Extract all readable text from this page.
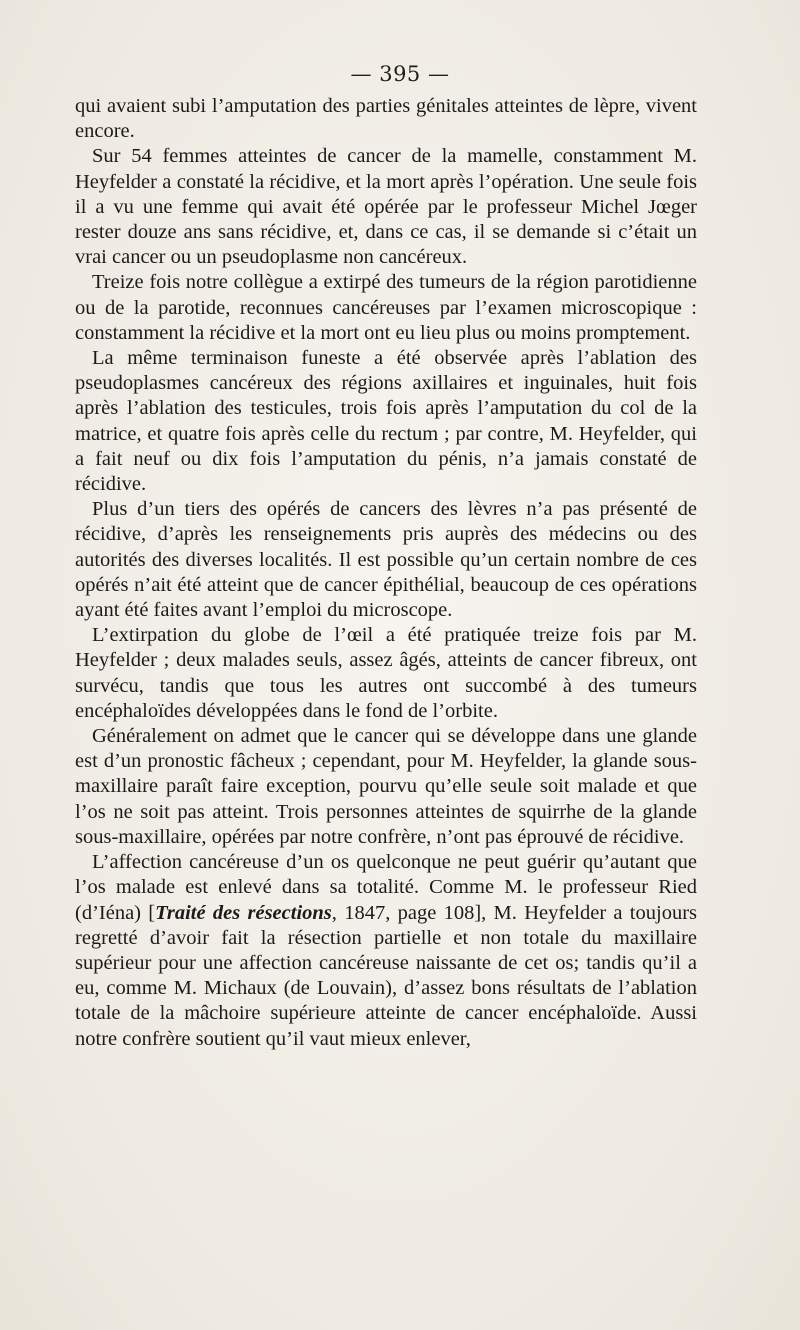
— 395 —

qui avaient subi l’amputation des parties génitales atteintes de lèpre, vivent encore.

Sur 54 femmes atteintes de cancer de la mamelle, constamment M. Heyfelder a constaté la récidive, et la mort après l’opération. Une seule fois il a vu une femme qui avait été opérée par le professeur Michel Jœger rester douze ans sans récidive, et, dans ce cas, il se demande si c’était un vrai cancer ou un pseudoplasme non cancéreux.

Treize fois notre collègue a extirpé des tumeurs de la région parotidienne ou de la parotide, reconnues cancéreuses par l’examen microscopique : constamment la récidive et la mort ont eu lieu plus ou moins promptement.

La même terminaison funeste a été observée après l’ablation des pseudoplasmes cancéreux des régions axillaires et inguinales, huit fois après l’ablation des testicules, trois fois après l’amputation du col de la matrice, et quatre fois après celle du rectum ; par contre, M. Heyfelder, qui a fait neuf ou dix fois l’amputation du pénis, n’a jamais constaté de récidive.

Plus d’un tiers des opérés de cancers des lèvres n’a pas présenté de récidive, d’après les renseignements pris auprès des médecins ou des autorités des diverses localités. Il est possible qu’un certain nombre de ces opérés n’ait été atteint que de cancer épithélial, beaucoup de ces opérations ayant été faites avant l’emploi du microscope.

L’extirpation du globe de l’œil a été pratiquée treize fois par M. Heyfelder ; deux malades seuls, assez âgés, atteints de cancer fibreux, ont survécu, tandis que tous les autres ont succombé à des tumeurs encéphaloïdes développées dans le fond de l’orbite.

Généralement on admet que le cancer qui se développe dans une glande est d’un pronostic fâcheux ; cependant, pour M. Heyfelder, la glande sous-maxillaire paraît faire exception, pourvu qu’elle seule soit malade et que l’os ne soit pas atteint. Trois personnes atteintes de squirrhe de la glande sous-maxillaire, opérées par notre confrère, n’ont pas éprouvé de récidive.

L’affection cancéreuse d’un os quelconque ne peut guérir qu’autant que l’os malade est enlevé dans sa totalité. Comme M. le professeur Ried (d’Iéna) [Traité des résections, 1847, page 108], M. Heyfelder a toujours regretté d’avoir fait la résection partielle et non totale du maxillaire supérieur pour une affection cancéreuse naissante de cet os; tandis qu’il a eu, comme M. Michaux (de Louvain), d’assez bons résultats de l’ablation totale de la mâchoire supérieure atteinte de cancer encéphaloïde. Aussi notre confrère soutient qu’il vaut mieux enlever,
